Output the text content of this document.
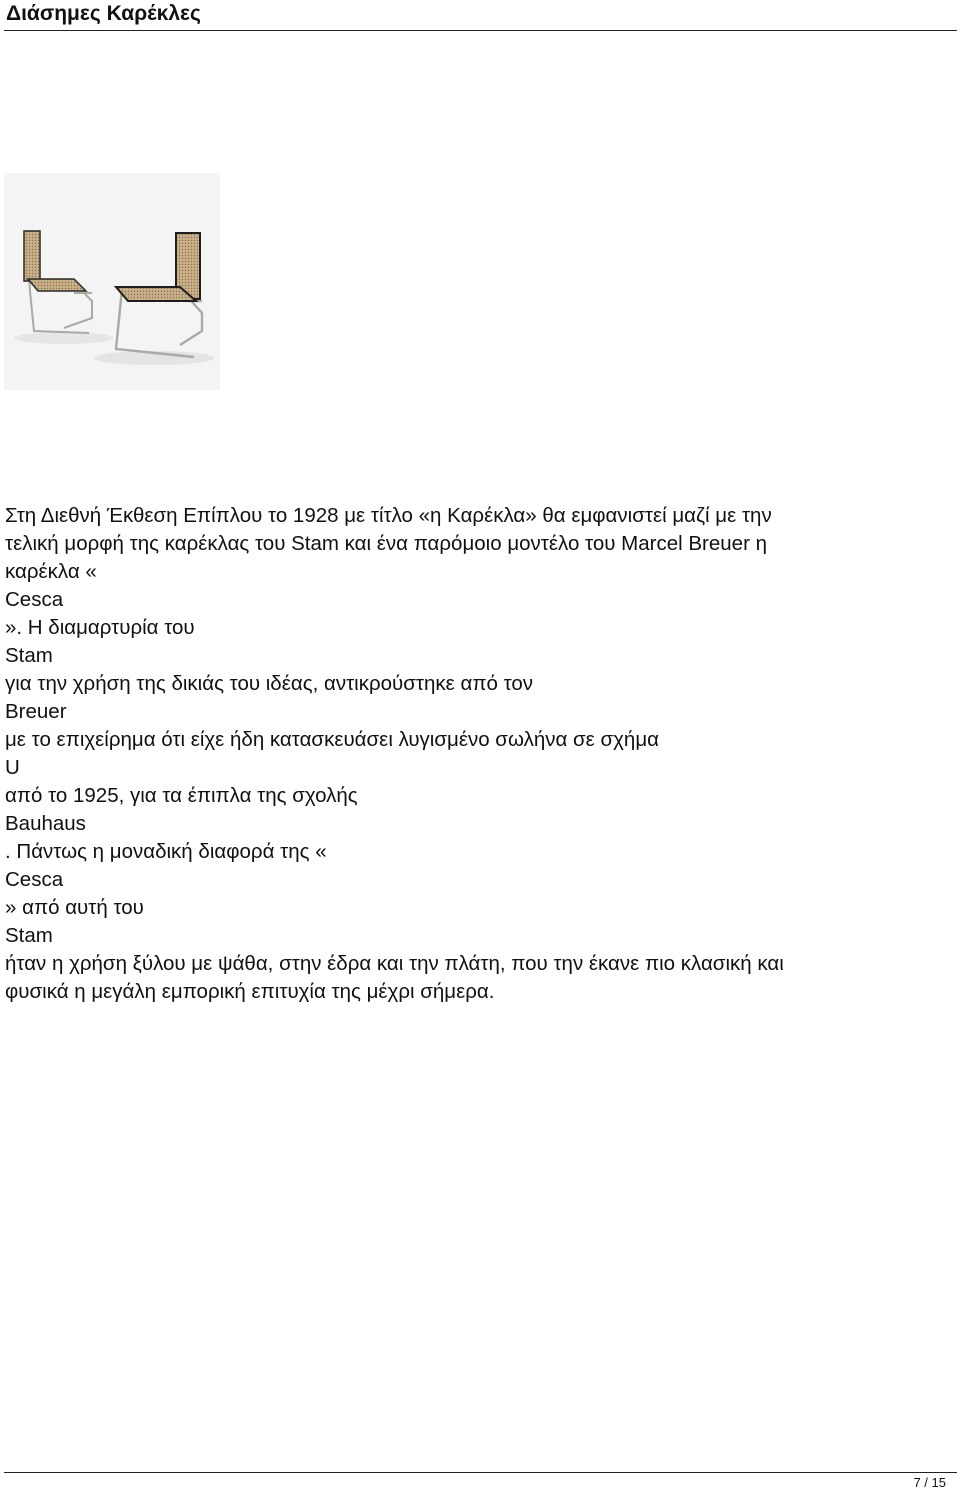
Διάσημες Καρέκλες
Στη Διεθνή Έκθεση Επίπλου το 1928 με τίτλο «η Καρέκλα» θα εμφανιστεί μαζί με την
τελική μορφή της καρέκλας του Stam και ένα παρόμοιο μοντέλο του Marcel Breuer η
καρέκλα «
Cesca
». Η διαμαρτυρία του
Stam
για την χρήση της δικιάς του ιδέας, αντικρούστηκε από τον
Breuer
με το επιχείρημα ότι είχε ήδη κατασκευάσει λυγισμένο σωλήνα σε σχήμα
U
από το 1925, για τα έπιπλα της σχολής
Bauhaus
. Πάντως η μοναδική διαφορά της «
Cesca
» από αυτή του
Stam
ήταν η χρήση ξύλου με ψάθα, στην έδρα και την πλάτη, που την έκανε πιο κλασική και
φυσικά η μεγάλη εμπορική επιτυχία της μέχρι σήμερα.
7 / 15
